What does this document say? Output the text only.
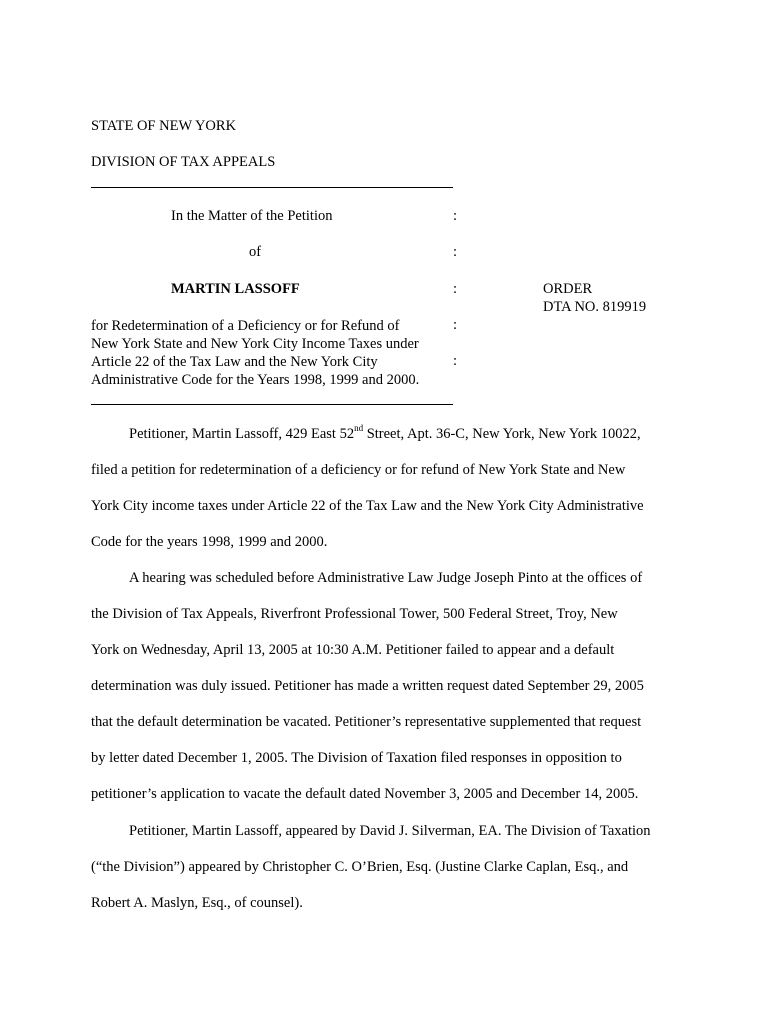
STATE OF NEW YORK
DIVISION OF TAX APPEALS
In the Matter of the Petition	:
of	:
MARTIN LASSOFF	:
for Redetermination of a Deficiency or for Refund of
New York State and New York City Income Taxes under
Article 22 of the Tax Law and the New York City
Administrative Code for the Years 1998, 1999 and 2000.
:
:
ORDER
DTA NO. 819919
Petitioner, Martin Lassoff, 429 East 52nd Street, Apt. 36-C, New York, New York 10022,
filed a petition for redetermination of a deficiency or for refund of New York State and New
York City income taxes under Article 22 of the Tax Law and the New York City Administrative
Code for the years 1998, 1999 and 2000.
A hearing was scheduled before Administrative Law Judge Joseph Pinto at the offices of
the Division of Tax Appeals, Riverfront Professional Tower, 500 Federal Street, Troy, New
York on Wednesday, April 13, 2005 at 10:30 A.M. Petitioner failed to appear and a default
determination was duly issued. Petitioner has made a written request dated September 29, 2005
that the default determination be vacated. Petitioner’s representative supplemented that request
by letter dated December 1, 2005. The Division of Taxation filed responses in opposition to
petitioner’s application to vacate the default dated November 3, 2005 and December 14, 2005.
Petitioner, Martin Lassoff, appeared by David J. Silverman, EA. The Division of Taxation
(“the Division”) appeared by Christopher C. O’Brien, Esq. (Justine Clarke Caplan, Esq., and
Robert A. Maslyn, Esq., of counsel).
